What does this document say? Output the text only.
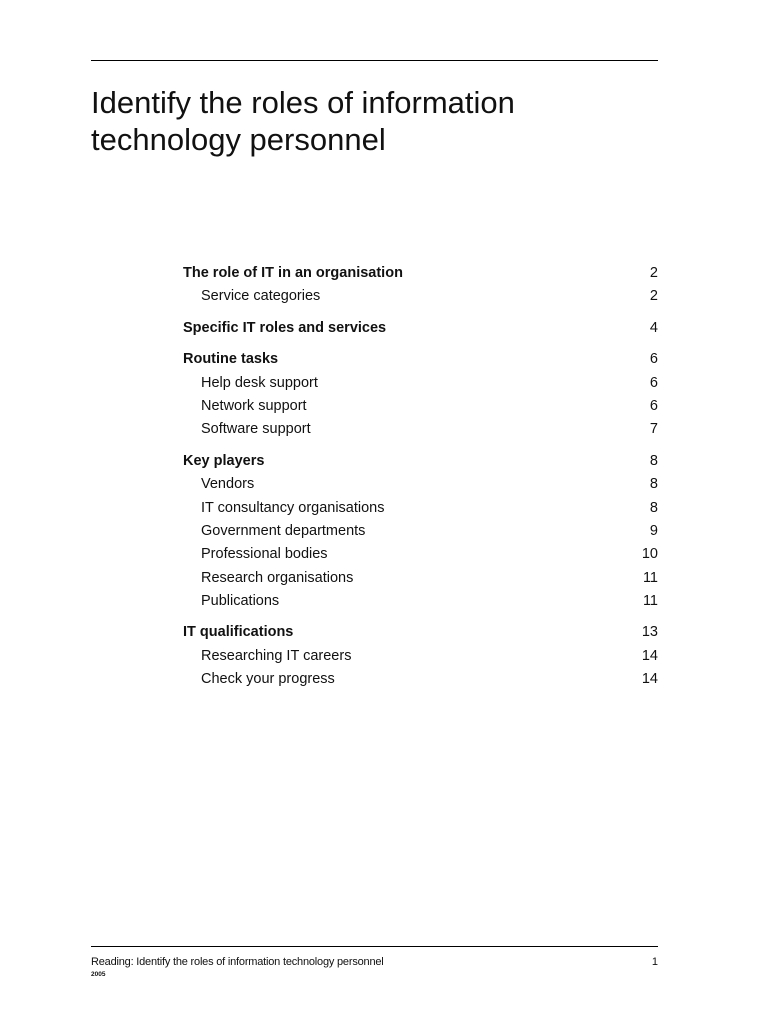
Identify the roles of information
technology personnel
The role of IT in an organisation	2
Service categories	2
Specific IT roles and services	4
Routine tasks	6
Help desk support	6
Network support	6
Software support	7
Key players	8
Vendors	8
IT consultancy organisations	8
Government departments	9
Professional bodies	10
Research organisations	11
Publications	11
IT qualifications	13
Researching IT careers	14
Check your progress	14
Reading: Identify the roles of information technology personnel	1
2005
